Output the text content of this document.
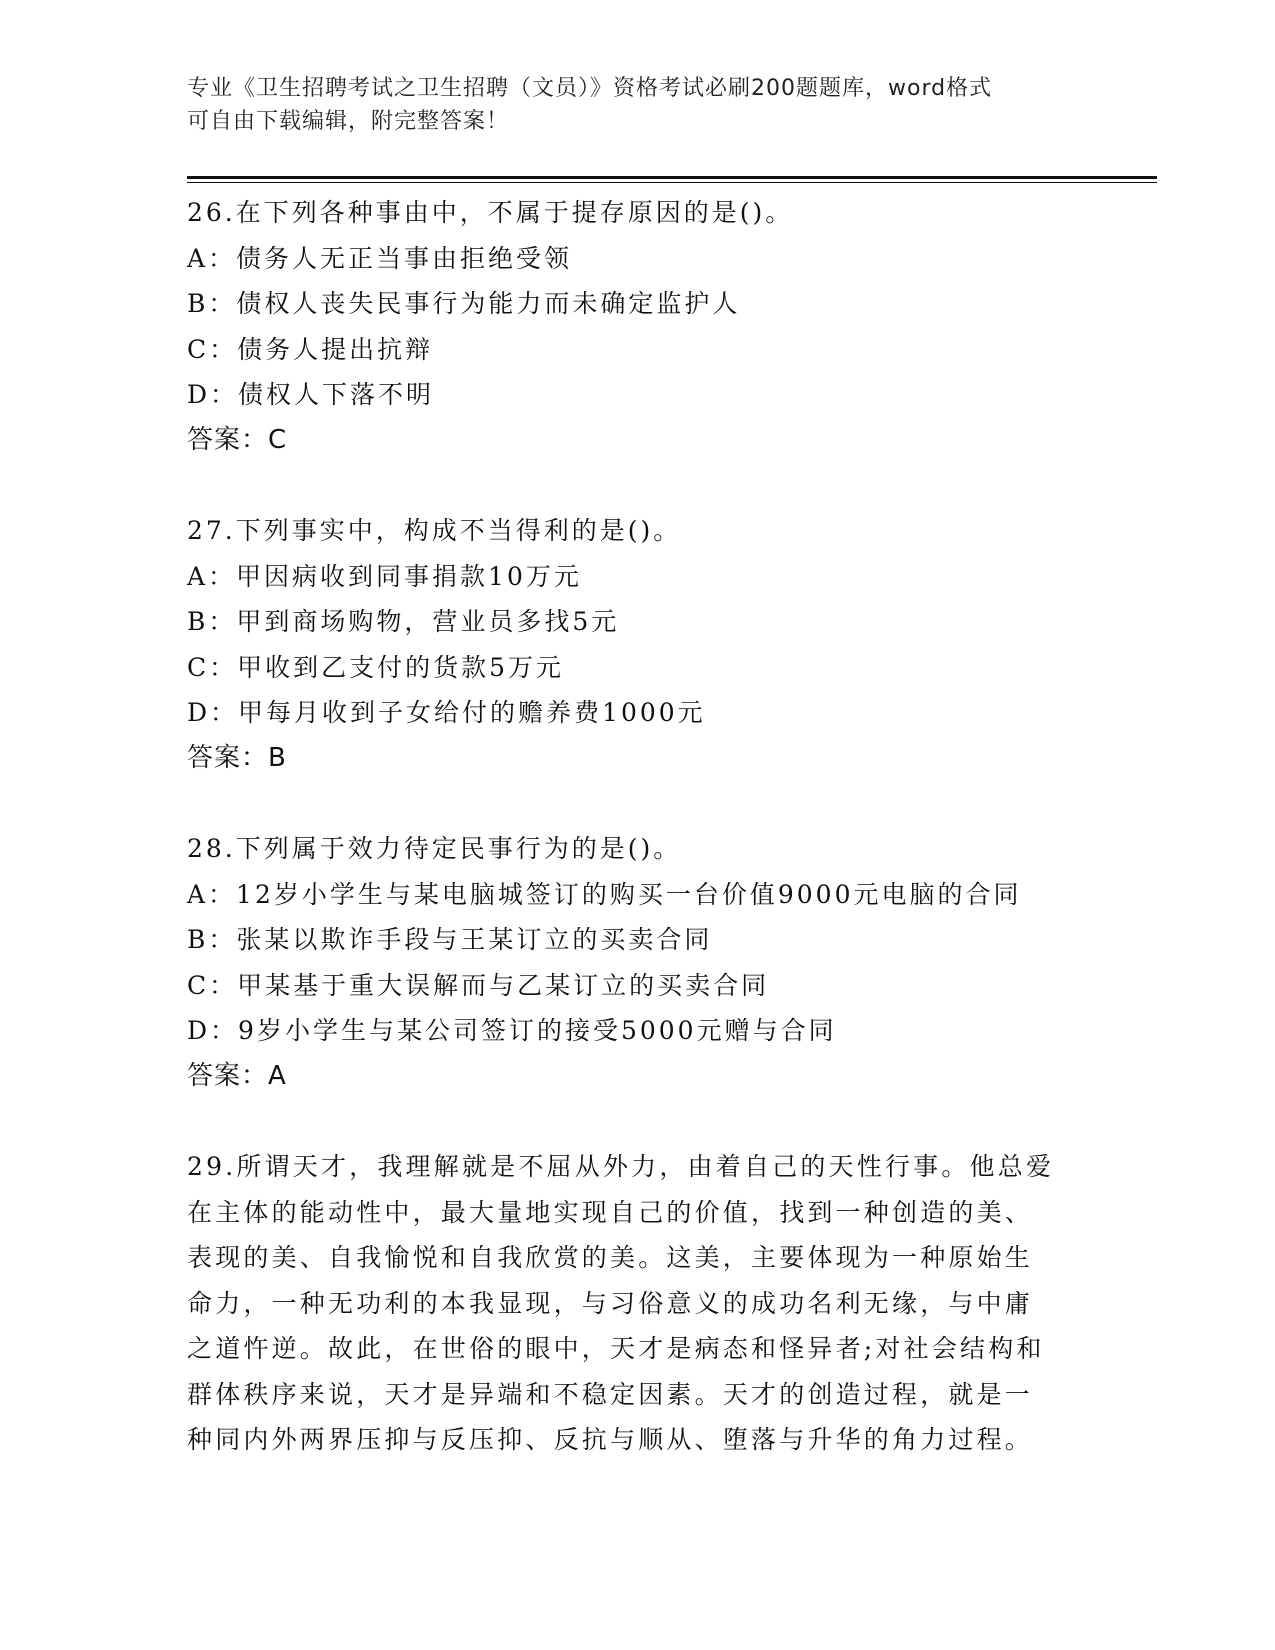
专业《卫生招聘考试之卫生招聘（文员）》资格考试必刷200题题库，word格式
可自由下载编辑，附完整答案！
26.在下列各种事由中，不属于提存原因的是()。
A：债务人无正当事由拒绝受领
B：债权人丧失民事行为能力而未确定监护人
C：债务人提出抗辩
D：债权人下落不明
答案：C
27.下列事实中，构成不当得利的是()。
A：甲因病收到同事捐款10万元
B：甲到商场购物，营业员多找5元
C：甲收到乙支付的货款5万元
D：甲每月收到子女给付的赡养费1000元
答案：B
28.下列属于效力待定民事行为的是()。
A：12岁小学生与某电脑城签订的购买一台价值9000元电脑的合同
B：张某以欺诈手段与王某订立的买卖合同
C：甲某基于重大误解而与乙某订立的买卖合同
D：9岁小学生与某公司签订的接受5000元赠与合同
答案：A
29.所谓天才，我理解就是不屈从外力，由着自己的天性行事。他总爱
在主体的能动性中，最大量地实现自己的价值，找到一种创造的美、
表现的美、自我愉悦和自我欣赏的美。这美，主要体现为一种原始生
命力，一种无功利的本我显现，与习俗意义的成功名利无缘，与中庸
之道忤逆。故此，在世俗的眼中，天才是病态和怪异者;对社会结构和
群体秩序来说，天才是异端和不稳定因素。天才的创造过程，就是一
种同内外两界压抑与反压抑、反抗与顺从、堕落与升华的角力过程。
